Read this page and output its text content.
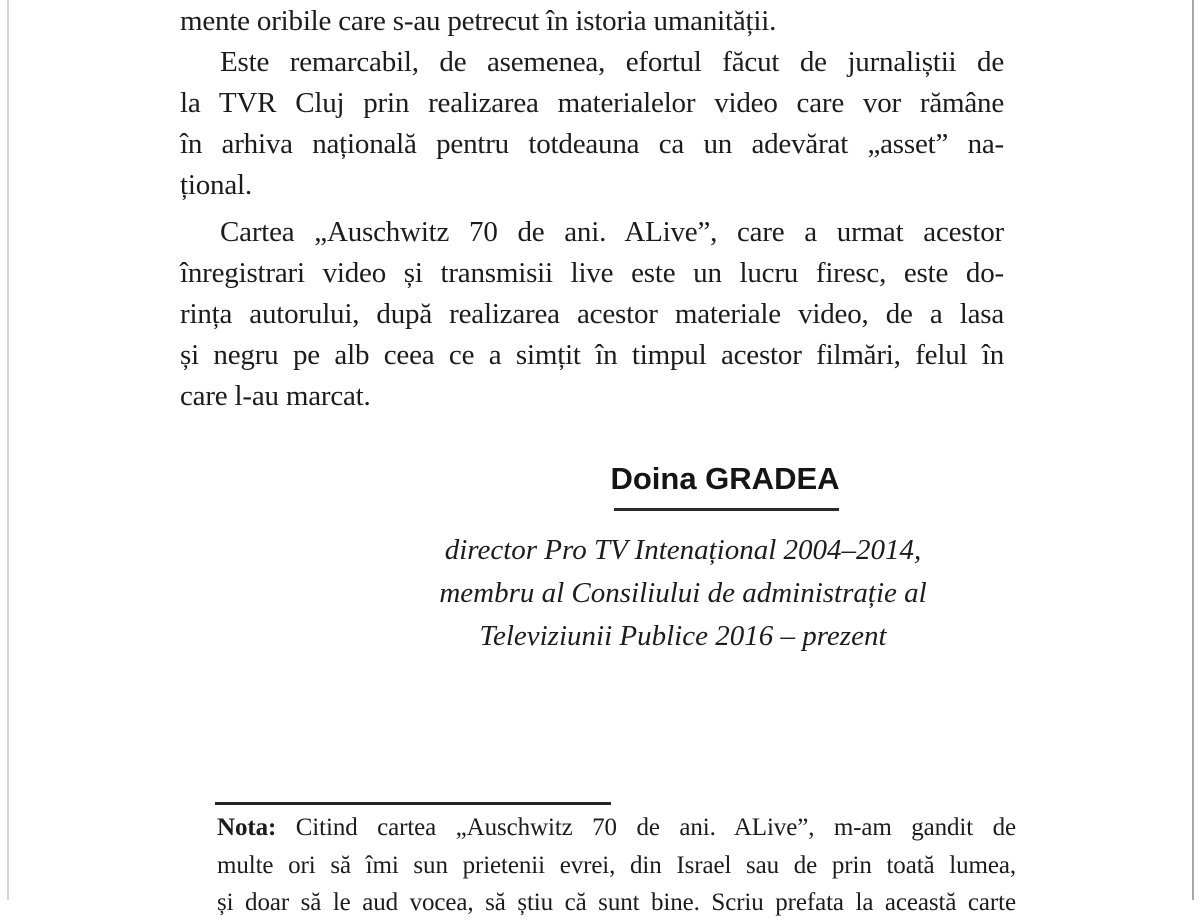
mente oribile care s-au petrecut în istoria umanității.
Este remarcabil, de asemenea, efortul făcut de jurnaliștii de
la TVR Cluj prin realizarea materialelor video care vor rămâne
în arhiva națională pentru totdeauna ca un adevărat „asset” na-
țional.
Cartea „Auschwitz 70 de ani. ALive”, care a urmat acestor
înregistrari video și transmisii live este un lucru firesc, este do-
rința autorului, după realizarea acestor materiale video, de a lasa
și negru pe alb ceea ce a simțit în timpul acestor filmări, felul în
care l-au marcat.
Doina GRADEA
director Pro TV Intenațional 2004–2014,
membru al Consiliului de administrație al
Televiziunii Publice 2016 – prezent
Nota: Citind cartea „Auschwitz 70 de ani. ALive”, m-am gandit de
multe ori să îmi sun prietenii evrei, din Israel sau de prin toată lumea,
și doar să le aud vocea, să știu că sunt bine. Scriu prefata la această carte
